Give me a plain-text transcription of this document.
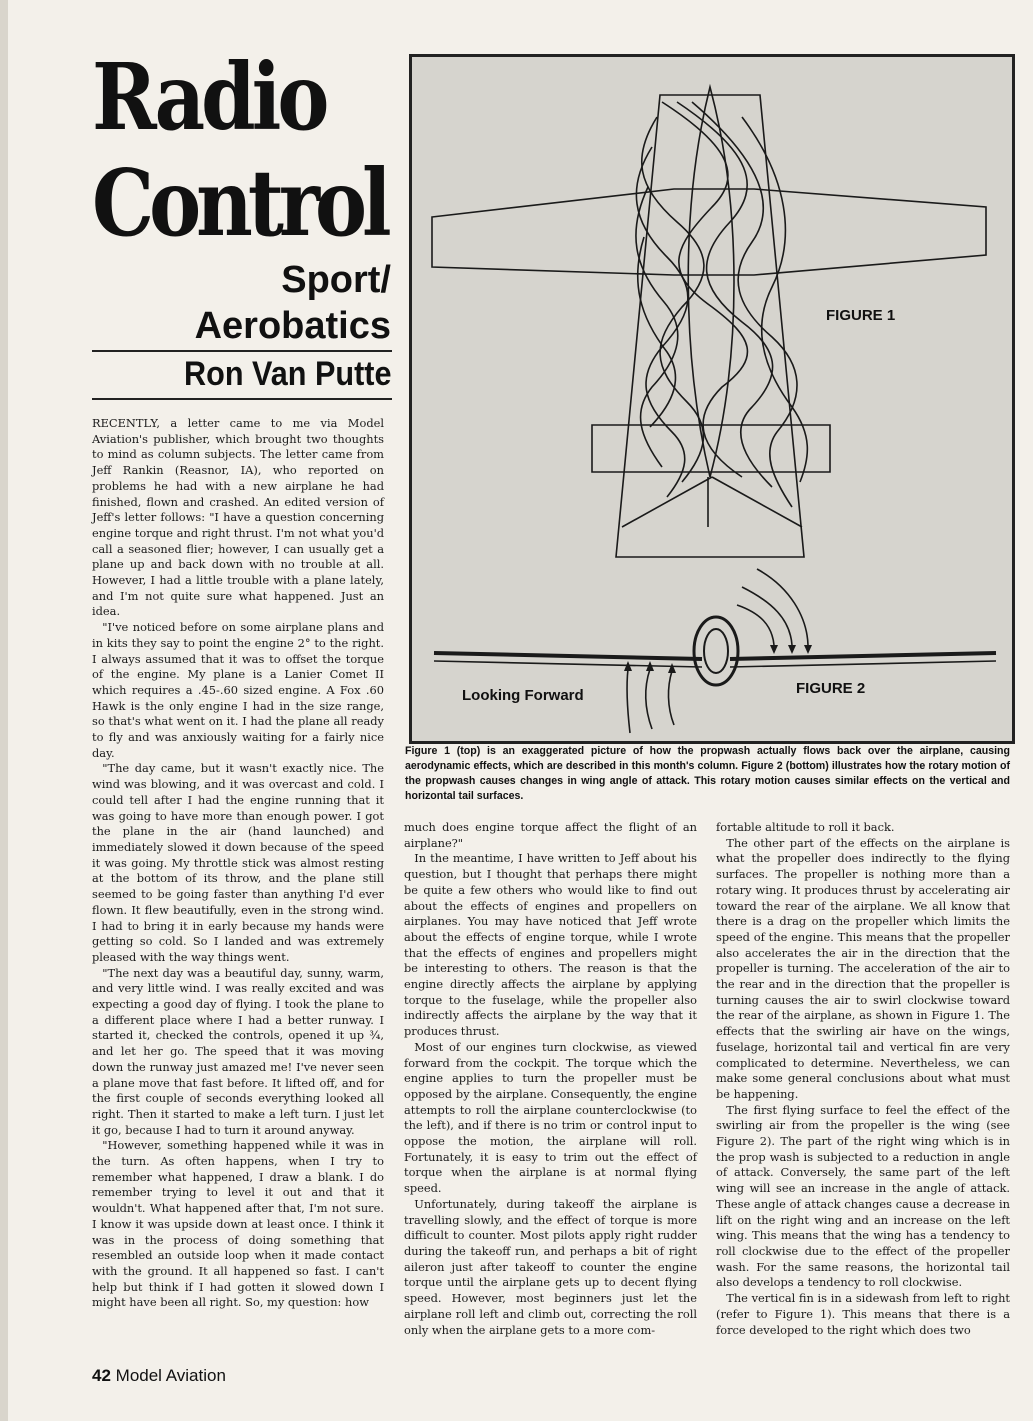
Radio
Control
Sport/
Aerobatics
Ron Van Putte
FIGURE 1
FIGURE 2
Looking Forward
Figure 1 (top) is an exaggerated picture of how the propwash actually flows back over the airplane, causing aerodynamic effects, which are described in this month's column. Figure 2 (bottom) illustrates how the rotary motion of the propwash causes changes in wing angle of attack. This rotary motion causes similar effects on the vertical and horizontal tail surfaces.

RECENTLY, a letter came to me via Model Aviation's publisher, which brought two thoughts to mind as column subjects. The letter came from Jeff Rankin (Reasnor, IA), who reported on problems he had with a new airplane he had finished, flown and crashed. An edited version of Jeff's letter follows: "I have a question concerning engine torque and right thrust. I'm not what you'd call a seasoned flier; however, I can usually get a plane up and back down with no trouble at all. However, I had a little trouble with a plane lately, and I'm not quite sure what happened. Just an idea.

"I've noticed before on some airplane plans and in kits they say to point the engine 2° to the right. I always assumed that it was to offset the torque of the engine. My plane is a Lanier Comet II which requires a .45-.60 sized engine. A Fox .60 Hawk is the only engine I had in the size range, so that's what went on it. I had the plane all ready to fly and was anxiously waiting for a fairly nice day.

"The day came, but it wasn't exactly nice. The wind was blowing, and it was overcast and cold. I could tell after I had the engine running that it was going to have more than enough power. I got the plane in the air (hand launched) and immediately slowed it down because of the speed it was going. My throttle stick was almost resting at the bottom of its throw, and the plane still seemed to be going faster than anything I'd ever flown. It flew beautifully, even in the strong wind. I had to bring it in early because my hands were getting so cold. So I landed and was extremely pleased with the way things went.

"The next day was a beautiful day, sunny, warm, and very little wind. I was really excited and was expecting a good day of flying. I took the plane to a different place where I had a better runway. I started it, checked the controls, opened it up ¾, and let her go. The speed that it was moving down the runway just amazed me! I've never seen a plane move that fast before. It lifted off, and for the first couple of seconds everything looked all right. Then it started to make a left turn. I just let it go, because I had to turn it around anyway.

"However, something happened while it was in the turn. As often happens, when I try to remember what happened, I draw a blank. I do remember trying to level it out and that it wouldn't. What happened after that, I'm not sure. I know it was upside down at least once. I think it was in the process of doing something that resembled an outside loop when it made contact with the ground. It all happened so fast. I can't help but think if I had gotten it slowed down I might have been all right. So, my question: how

much does engine torque affect the flight of an airplane?"

In the meantime, I have written to Jeff about his question, but I thought that perhaps there might be quite a few others who would like to find out about the effects of engines and propellers on airplanes. You may have noticed that Jeff wrote about the effects of engine torque, while I wrote that the effects of engines and propellers might be interesting to others. The reason is that the engine directly affects the airplane by applying torque to the fuselage, while the propeller also indirectly affects the airplane by the way that it produces thrust.

Most of our engines turn clockwise, as viewed forward from the cockpit. The torque which the engine applies to turn the propeller must be opposed by the airplane. Consequently, the engine attempts to roll the airplane counterclockwise (to the left), and if there is no trim or control input to oppose the motion, the airplane will roll. Fortunately, it is easy to trim out the effect of torque when the airplane is at normal flying speed.

Unfortunately, during takeoff the airplane is travelling slowly, and the effect of torque is more difficult to counter. Most pilots apply right rudder during the takeoff run, and perhaps a bit of right aileron just after takeoff to counter the engine torque until the airplane gets up to decent flying speed. However, most beginners just let the airplane roll left and climb out, correcting the roll only when the airplane gets to a more com-

fortable altitude to roll it back.

The other part of the effects on the airplane is what the propeller does indirectly to the flying surfaces. The propeller is nothing more than a rotary wing. It produces thrust by accelerating air toward the rear of the airplane. We all know that there is a drag on the propeller which limits the speed of the engine. This means that the propeller also accelerates the air in the direction that the propeller is turning. The acceleration of the air to the rear and in the direction that the propeller is turning causes the air to swirl clockwise toward the rear of the airplane, as shown in Figure 1. The effects that the swirling air have on the wings, fuselage, horizontal tail and vertical fin are very complicated to determine. Nevertheless, we can make some general conclusions about what must be happening.

The first flying surface to feel the effect of the swirling air from the propeller is the wing (see Figure 2). The part of the right wing which is in the prop wash is subjected to a reduction in angle of attack. Conversely, the same part of the left wing will see an increase in the angle of attack. These angle of attack changes cause a decrease in lift on the right wing and an increase on the left wing. This means that the wing has a tendency to roll clockwise due to the effect of the propeller wash. For the same reasons, the horizontal tail also develops a tendency to roll clockwise.

The vertical fin is in a sidewash from left to right (refer to Figure 1). This means that there is a force developed to the right which does two

42 Model Aviation
